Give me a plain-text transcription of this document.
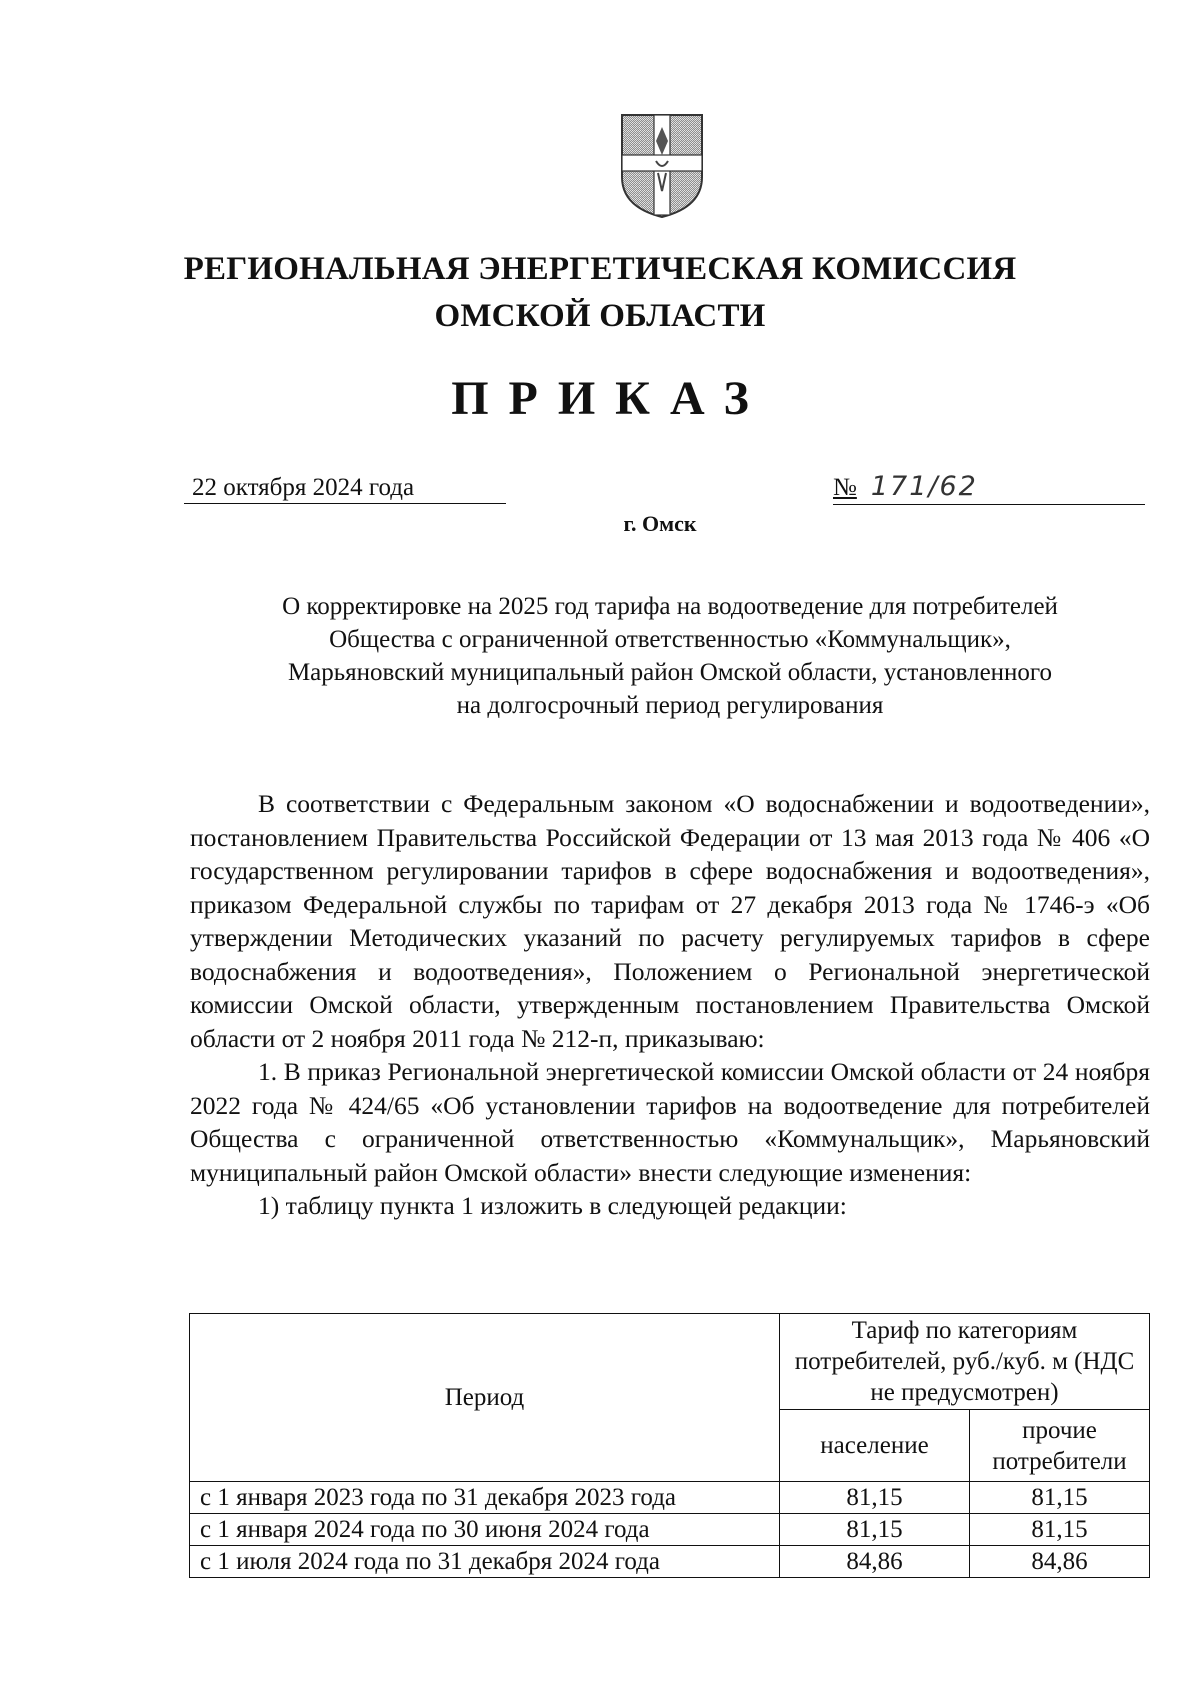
РЕГИОНАЛЬНАЯ ЭНЕРГЕТИЧЕСКАЯ КОМИССИЯ
ОМСКОЙ ОБЛАСТИ
ПРИКАЗ
22 октября 2024 года	№ 171/62
г. Омск
О корректировке на 2025 год тарифа на водоотведение для потребителей
Общества с ограниченной ответственностью «Коммунальщик»,
Марьяновский муниципальный район Омской области, установленного
на долгосрочный период регулирования

В соответствии с Федеральным законом «О водоснабжении и водоотведении», постановлением Правительства Российской Федерации от 13 мая 2013 года № 406 «О государственном регулировании тарифов в сфере водоснабжения и водоотведения», приказом Федеральной службы по тарифам от 27 декабря 2013 года № 1746-э «Об утверждении Методических указаний по расчету регулируемых тарифов в сфере водоснабжения и водоотведения», Положением о Региональной энергетической комиссии Омской области, утвержденным постановлением Правительства Омской области от 2 ноября 2011 года № 212-п, приказываю:

1. В приказ Региональной энергетической комиссии Омской области от 24 ноября 2022 года № 424/65 «Об установлении тарифов на водоотведение для потребителей Общества с ограниченной ответственностью «Коммунальщик», Марьяновский муниципальный район Омской области» внести следующие изменения:

1) таблицу пункта 1 изложить в следующей редакции:

Период	Тариф по категориям потребителей, руб./куб. м (НДС не предусмотрен)	
	население	прочие потребители
с 1 января 2023 года по 31 декабря 2023 года	81,15	81,15
с 1 января 2024 года по 30 июня 2024 года	81,15	81,15
с 1 июля 2024 года по 31 декабря 2024 года	84,86	84,86
